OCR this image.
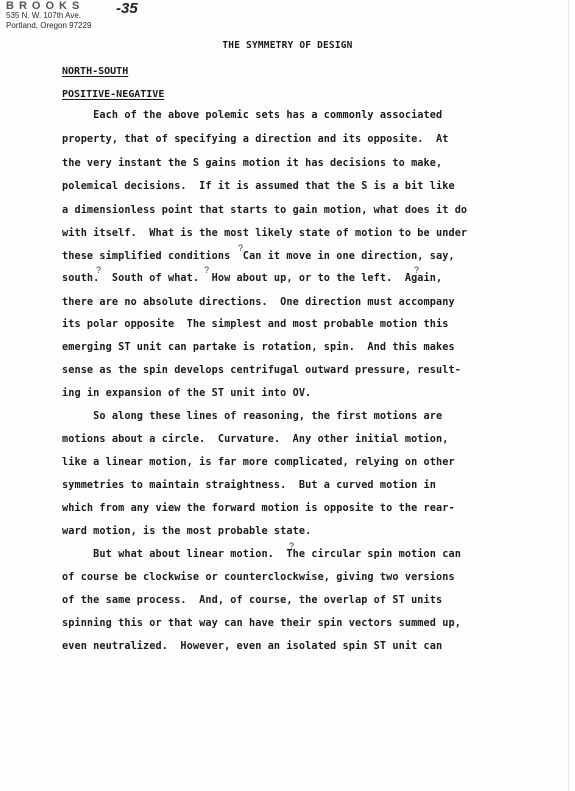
BROOKS
535 N. W. 107th Ave.
Portland, Oregon 97229
-35
THE SYMMETRY OF DESIGN
NORTH-SOUTH
POSITIVE-NEGATIVE
Each of the above polemic sets has a commonly associated
property, that of specifying a direction and its opposite.  At
the very instant the S gains motion it has decisions to make,
polemical decisions.  If it is assumed that the S is a bit like
a dimensionless point that starts to gain motion, what does it do
with itself.  What is the most likely state of motion to be under
these simplified conditions  Can it move in one direction, say,
south.  South of what.  How about up, or to the left.  Again,
there are no absolute directions.  One direction must accompany
its polar opposite  The simplest and most probable motion this
emerging ST unit can partake is rotation, spin.  And this makes
sense as the spin develops centrifugal outward pressure, result-
ing in expansion of the ST unit into OV.
So along these lines of reasoning, the first motions are
motions about a circle.  Curvature.  Any other initial motion,
like a linear motion, is far more complicated, relying on other
symmetries to maintain straightness.  But a curved motion in
which from any view the forward motion is opposite to the rear-
ward motion, is the most probable state.
But what about linear motion.  The circular spin motion can
of course be clockwise or counterclockwise, giving two versions
of the same process.  And, of course, the overlap of ST units
spinning this or that way can have their spin vectors summed up,
even neutralized.  However, even an isolated spin ST unit can
?
?	?	?
?
